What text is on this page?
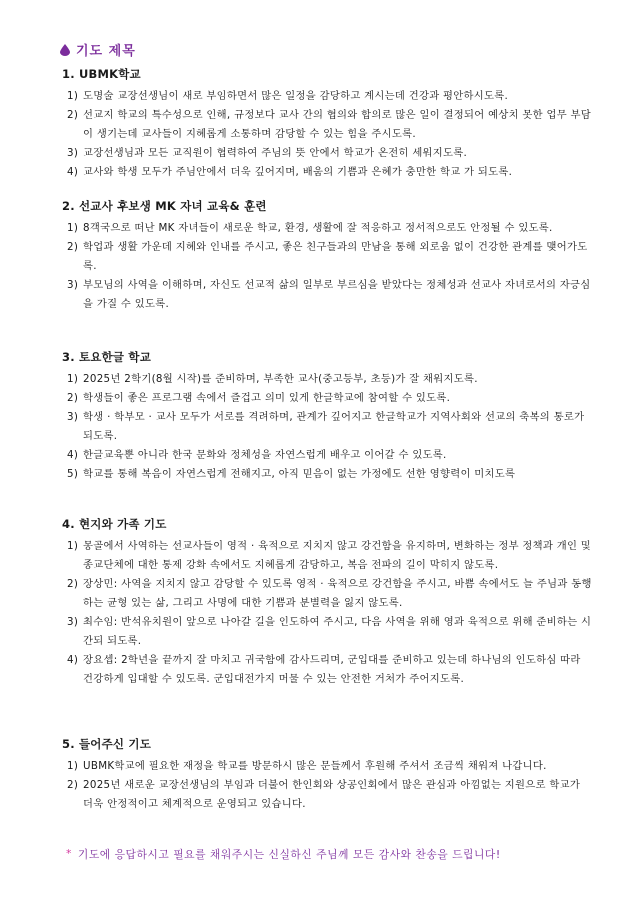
기도 제목
1. UBMK학교
1) 도명술 교장선생님이 새로 부임하면서 많은 일정을 감당하고 계시는데 건강과 평안하시도록.
2) 선교지 학교의 특수성으로 인해, 규정보다 교사 간의 협의와 합의로 많은 일이 결정되어 예상치 못한 업무 부담이 생기는데 교사들이 지혜롭게 소통하며 감당할 수 있는 힘을 주시도록.
3) 교장선생님과 모든 교직원이 협력하여 주님의 뜻 안에서 학교가 온전히 세워지도록.
4) 교사와 학생 모두가 주님안에서 더욱 깊어지며, 배움의 기쁨과 은혜가 충만한 학교 가 되도록.
2. 선교사 후보생 MK 자녀 교육& 훈련
1) 8객국으로 떠난 MK 자녀들이 새로운 학교, 환경, 생활에 잘 적응하고 정서적으로도 안정될 수 있도록.
2) 학업과 생활 가운데 지혜와 인내를 주시고, 좋은 친구들과의 만남을 통해 외로움 없이 건강한 관계를 맺어가도록.
3) 부모님의 사역을 이해하며, 자신도 선교적 삶의 일부로 부르심을 받았다는 정체성과 선교사 자녀로서의 자긍심을 가질 수 있도록.
3. 토요한글 학교
1) 2025년 2학기(8월 시작)를 준비하며, 부족한 교사(중고등부, 초등)가 잘 채워지도록.
2) 학생들이 좋은 프로그램 속에서 즐겁고 의미 있게 한글학교에 참여할 수 있도록.
3) 학생 · 학부모 · 교사 모두가 서로를 격려하며, 관계가 깊어지고 한글학교가 지역사회와 선교의 축복의 통로가 되도록.
4) 한글교육뿐 아니라 한국 문화와 정체성을 자연스럽게 배우고 이어갈 수 있도록.
5) 학교를 통해 복음이 자연스럽게 전해지고, 아직 믿음이 없는 가정에도 선한 영향력이 미치도록
4. 현지와 가족 기도
1) 몽골에서 사역하는 선교사들이 영적 · 육적으로 지치지 않고 강건함을 유지하며, 변화하는 정부 정책과 개인 및 종교단체에 대한 통제 강화 속에서도 지혜롭게 감당하고, 복음 전파의 길이 막히지 않도록.
2) 장상민: 사역을 지치지 않고 감당할 수 있도록 영적 · 육적으로 강건함을 주시고, 바쁨 속에서도 늘 주님과 동행하는 균형 있는 삶, 그리고 사명에 대한 기쁨과 분별력을 잃지 않도록.
3) 최수임: 반석유치원이 앞으로 나아갈 길을 인도하여 주시고, 다음 사역을 위해 영과 육적으로 위해 준비하는 시간되 되도록.
4) 장요셉: 2학년을 끝까지 잘 마치고 귀국함에 감사드리며, 군입대를 준비하고 있는데 하나님의 인도하심 따라 건강하게 입대할 수 있도록. 군입대전가지 머물 수 있는 안전한 거처가 주어지도록.
5. 들어주신 기도
1) UBMK학교에 필요한 재정을 학교를 방문하시 많은 문들께서 후원해 주셔서 조금씩 채워져 나갑니다.
2) 2025년 새로운 교장선생님의 부임과 더불어 한인회와 상공인회에서 많은 관심과 아낌없는 지원으로 학교가 더욱 안정적이고 체계적으로 운영되고 있습니다.
* 기도에 응답하시고 필요를 채워주시는 신실하신 주님께 모든 감사와 찬송을 드립니다!
